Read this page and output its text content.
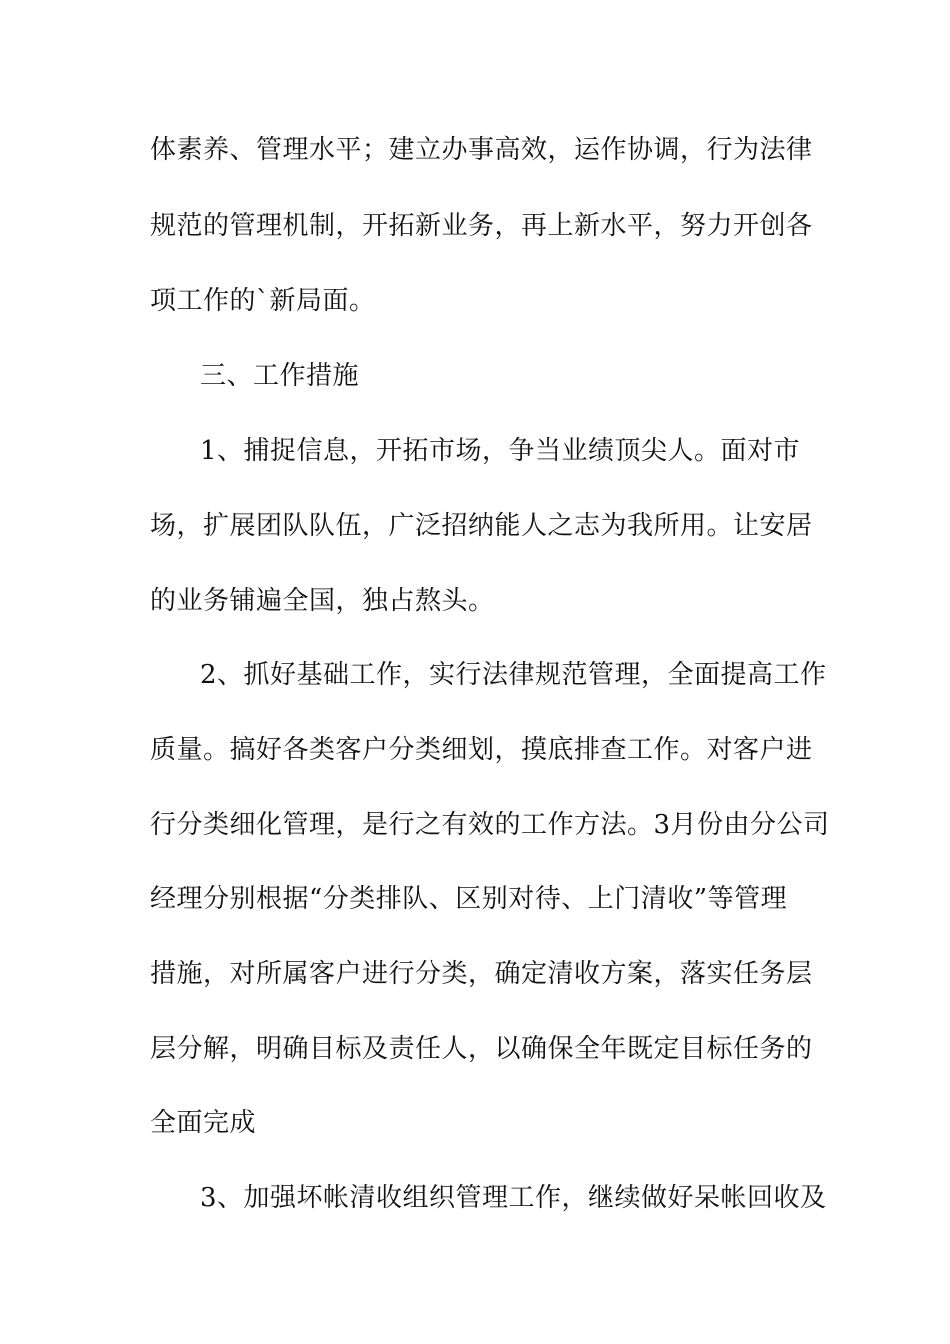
体素养、管理水平；建立办事高效，运作协调，行为法律
规范的管理机制，开拓新业务，再上新水平，努力开创各
项工作的`新局面。
三、工作措施
1、捕捉信息，开拓市场，争当业绩顶尖人。面对市
场，扩展团队队伍，广泛招纳能人之志为我所用。让安居
的业务铺遍全国，独占熬头。
2、抓好基础工作，实行法律规范管理，全面提高工作
质量。搞好各类客户分类细划，摸底排查工作。对客户进
行分类细化管理，是行之有效的工作方法。3月份由分公司
经理分别根据“分类排队、区别对待、上门清收”等管理
措施，对所属客户进行分类，确定清收方案，落实任务层
层分解，明确目标及责任人，以确保全年既定目标任务的
全面完成
3、加强坏帐清收组织管理工作，继续做好呆帐回收及
